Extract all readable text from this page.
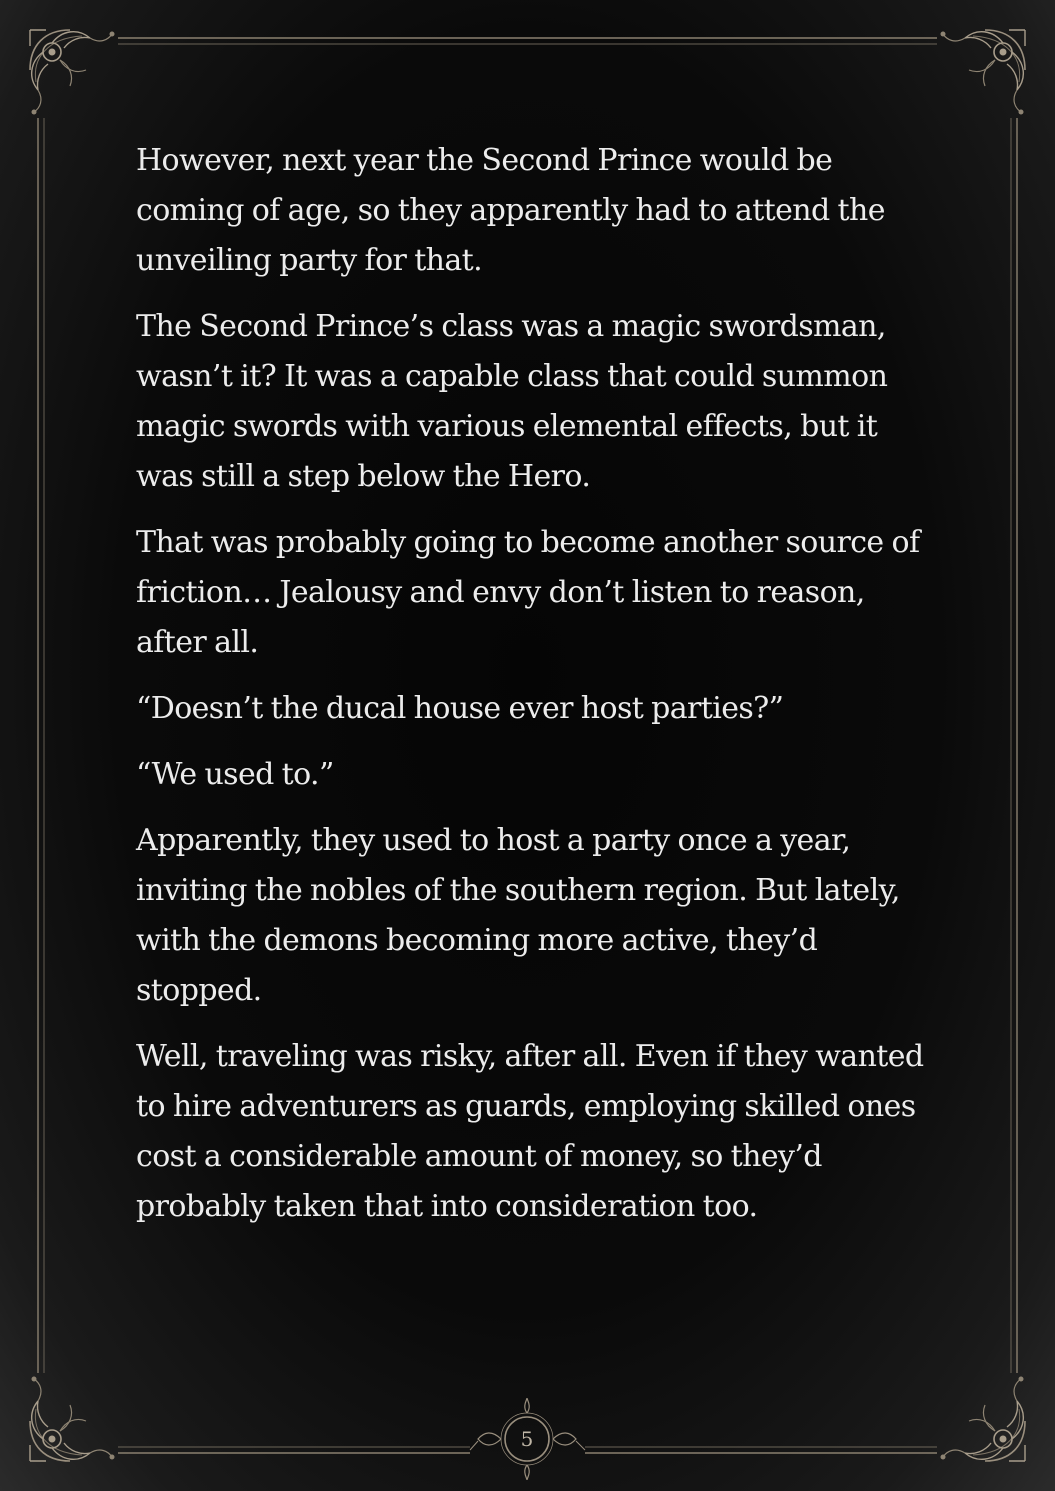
However, next year the Second Prince would be coming of age, so they apparently had to attend the unveiling party for that.

The Second Prince’s class was a magic swordsman, wasn’t it? It was a capable class that could summon magic swords with various elemental effects, but it was still a step below the Hero.

That was probably going to become another source of friction… Jealousy and envy don’t listen to reason, after all.

“Doesn’t the ducal house ever host parties?”

“We used to.”

Apparently, they used to host a party once a year, inviting the nobles of the southern region. But lately, with the demons becoming more active, they’d stopped.

Well, traveling was risky, after all. Even if they wanted to hire adventurers as guards, employing skilled ones cost a considerable amount of money, so they’d probably taken that into consideration too.

5
